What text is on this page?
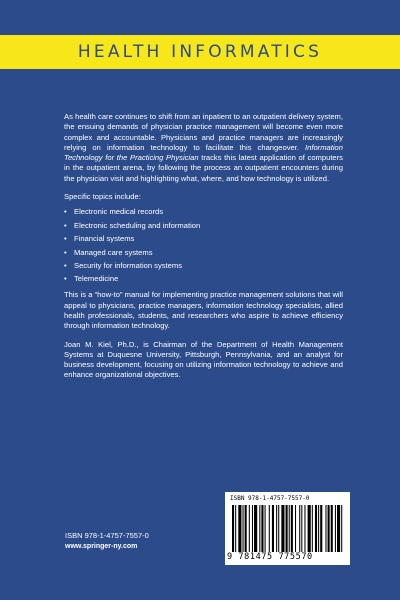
HEALTH INFORMATICS

As health care continues to shift from an inpatient to an outpatient delivery system, the ensuing demands of physician practice management will become even more complex and accountable. Physicians and practice managers are increasingly relying on information technology to facilitate this changeover. Information Technology for the Practicing Physician tracks this latest application of computers in the outpatient arena, by following the process an outpatient encounters during the physician visit and highlighting what, where, and how technology is utilized.

Specific topics include:

• Electronic medical records
• Electronic scheduling and information
• Financial systems
• Managed care systems
• Security for information systems
• Telemedicine

This is a “how-to” manual for implementing practice management solutions that will appeal to physicians, practice managers, information technology specialists, allied health professionals, students, and researchers who aspire to achieve efficiency through information technology.

Joan M. Kiel, Ph.D., is Chairman of the Department of Health Management Systems at Duquesne University, Pittsburgh, Pennsylvania, and an analyst for business development, focusing on utilizing information technology to achieve and enhance organizational objectives.

ISBN 978-1-4757-7557-0
www.springer-ny.com
ISBN 978-1-4757-7557-0
9 781475 775570
